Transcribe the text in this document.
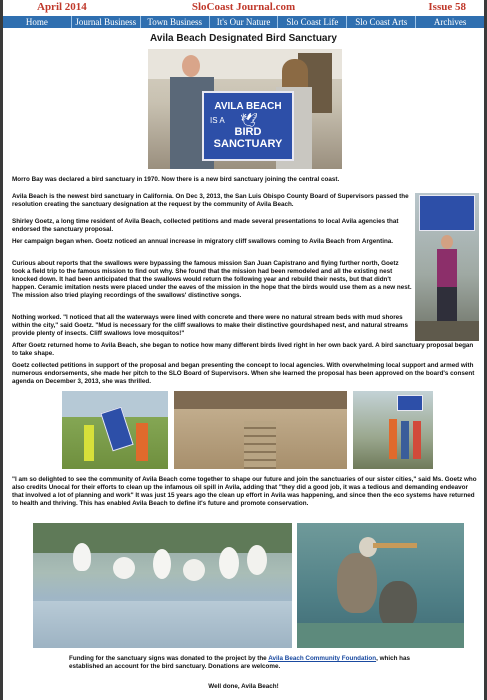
April 2014	SloCoast Journal.com	Issue 58
Home	Journal Business	Town Business	It's Our Nature	Slo Coast Life	Slo Coast Arts	Archives
Avila Beach Designated Bird Sanctuary
AVILA BEACH
IS A
BIRD SANCTUARY
🕊

Morro Bay was declared a bird sanctuary in 1970. Now there is a new bird sanctuary joining the central coast.

Avila Beach is the newest bird sanctuary in California. On Dec 3, 2013, the San Luis Obispo County Board of Supervisors passed the resolution creating the sanctuary designation at the request by the community of Avila Beach.

Shirley Goetz, a long time resident of Avila Beach, collected petitions and made several presentations to local Avila agencies that endorsed the sanctuary proposal.

Her campaign began when. Goetz noticed an annual increase in migratory cliff swallows coming to Avila Beach from Argentina.

Curious about reports that the swallows were bypassing the famous mission San Juan Capistrano and flying further north, Goetz took a field trip to the famous mission to find out why. She found that the mission had been remodeled and all the existing nest knocked down. It had been anticipated that the swallows would return the following year and rebuild their nests, but that didn't happen. Ceramic imitation nests were placed under the eaves of the mission in the hope that the birds would use them as a new nest. The mission also tried playing recordings of the swallows' distinctive songs.

Nothing worked. "I noticed that all the waterways were lined with concrete and there were no natural stream beds with mud shores within the city," said Goetz. "Mud is necessary for the cliff swallows to make their distinctive gourdshaped nest, and natural streams provide plenty of insects. Cliff swallows love mosquitos!"

After Goetz returned home to Avila Beach, she began to notice how many different birds lived right in her own back yard. A bird sanctuary proposal began to take shape.

Goetz collected petitions in support of the proposal and began presenting the concept to local agencies. With overwhelming local support and armed with numerous endorsements, she made her pitch to the SLO Board of Supervisors. When she learned the proposal has been approved on the board's consent agenda on December 3, 2013, she was thrilled.

"I am so delighted to see the community of Avila Beach come together to shape our future and join the sanctuaries of our sister cities," said Ms. Goetz who also credits Unocal for their efforts to clean up the infamous oil spill in Avila, adding that "they did a good job, it was a tedious and demanding endeavor that involved a lot of planning and work" It was just 15 years ago the clean up effort in Avila was happening, and since then the eco systems have returned to health and thriving. This has enabled Avila Beach to define it's future and promote conservation.

Funding for the sanctuary signs was donated to the project by the Avila Beach Community Foundation, which has established an account for the bird sanctuary. Donations are welcome.

Well done, Avila Beach!
